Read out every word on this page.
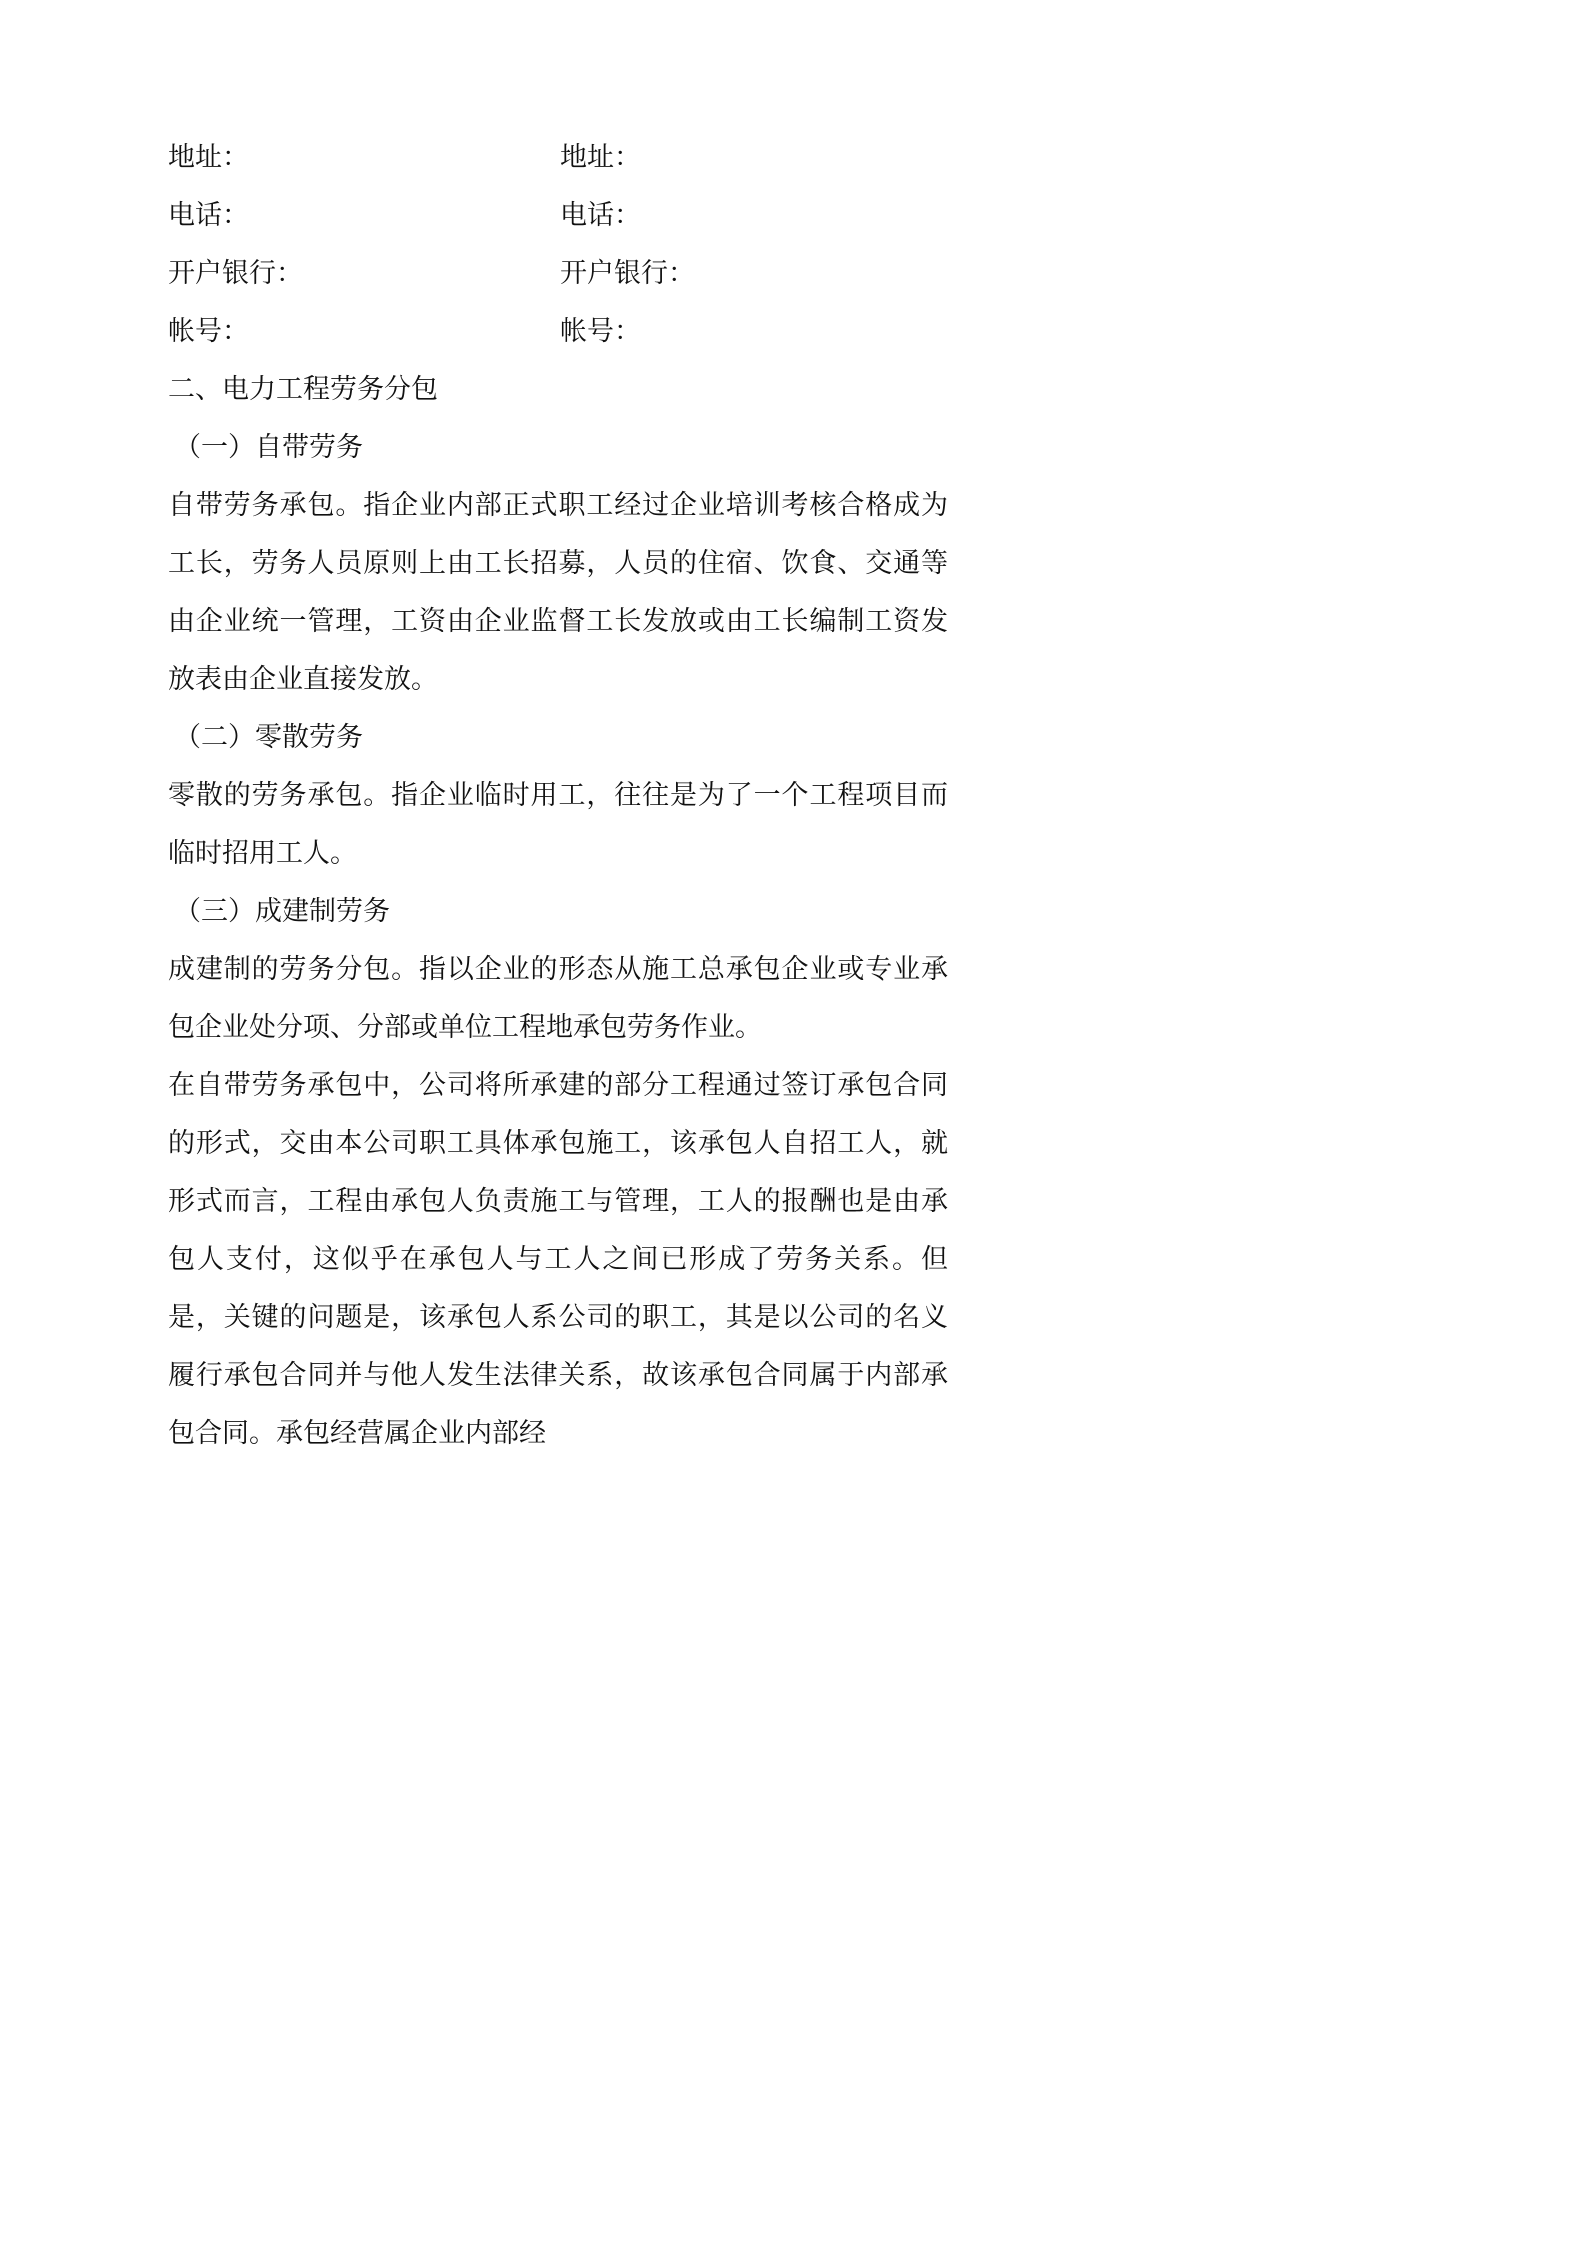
地址：	地址：
电话：	电话：
开户银行：	开户银行：
帐号：	帐号：
二、电力工程劳务分包
（一）自带劳务

自带劳务承包。指企业内部正式职工经过企业培训考核合格成为工长，劳务人员原则上由工长招募，人员的住宿、饮食、交通等由企业统一管理，工资由企业监督工长发放或由工长编制工资发放表由企业直接发放。

（二）零散劳务

零散的劳务承包。指企业临时用工，往往是为了一个工程项目而临时招用工人。

（三）成建制劳务

成建制的劳务分包。指以企业的形态从施工总承包企业或专业承包企业处分项、分部或单位工程地承包劳务作业。

在自带劳务承包中，公司将所承建的部分工程通过签订承包合同的形式，交由本公司职工具体承包施工，该承包人自招工人，就形式而言，工程由承包人负责施工与管理，工人的报酬也是由承包人支付，这似乎在承包人与工人之间已形成了劳务关系。但是，关键的问题是，该承包人系公司的职工，其是以公司的名义履行承包合同并与他人发生法律关系，故该承包合同属于内部承包合同。承包经营属企业内部经
